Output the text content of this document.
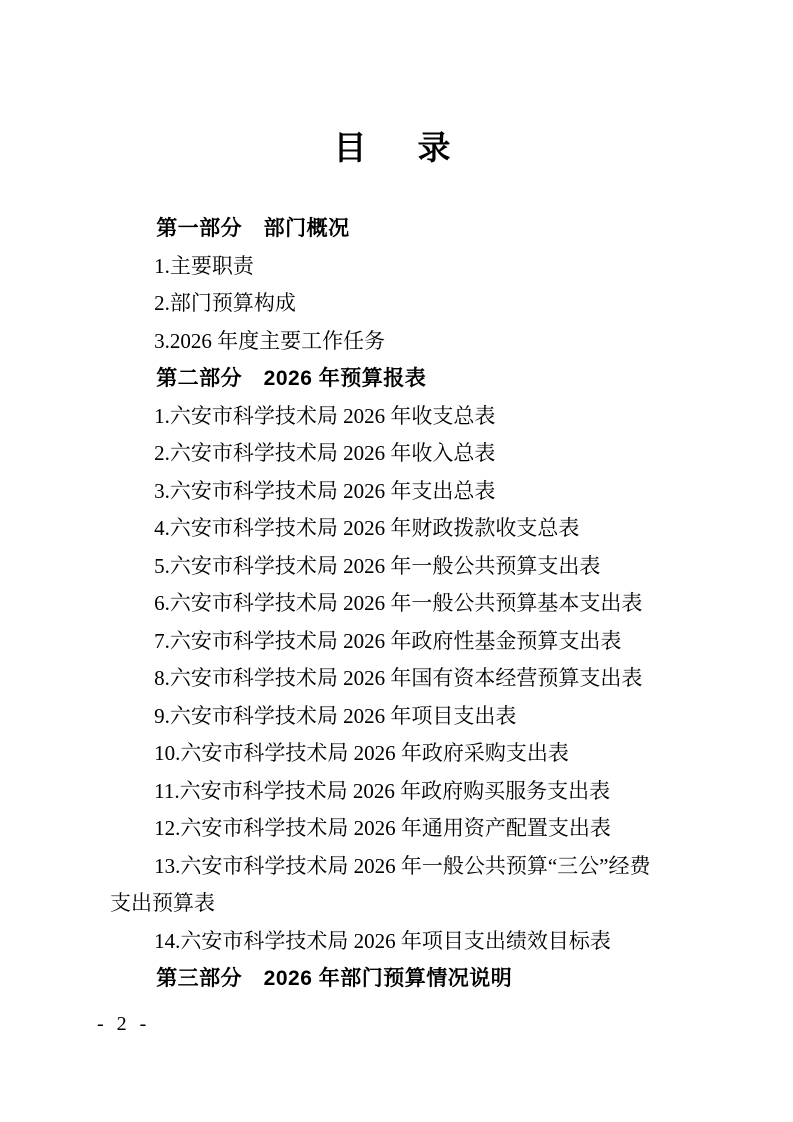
目　录

第一部分　部门概况

1.主要职责

2.部门预算构成

3.2026 年度主要工作任务

第二部分　2026 年预算报表

1.六安市科学技术局 2026 年收支总表

2.六安市科学技术局 2026 年收入总表

3.六安市科学技术局 2026 年支出总表

4.六安市科学技术局 2026 年财政拨款收支总表

5.六安市科学技术局 2026 年一般公共预算支出表

6.六安市科学技术局 2026 年一般公共预算基本支出表

7.六安市科学技术局 2026 年政府性基金预算支出表

8.六安市科学技术局 2026 年国有资本经营预算支出表

9.六安市科学技术局 2026 年项目支出表

10.六安市科学技术局 2026 年政府采购支出表

11.六安市科学技术局 2026 年政府购买服务支出表

12.六安市科学技术局 2026 年通用资产配置支出表

13.六安市科学技术局 2026 年一般公共预算“三公”经费

支出预算表

14.六安市科学技术局 2026 年项目支出绩效目标表

第三部分　2026 年部门预算情况说明

- 2 -
